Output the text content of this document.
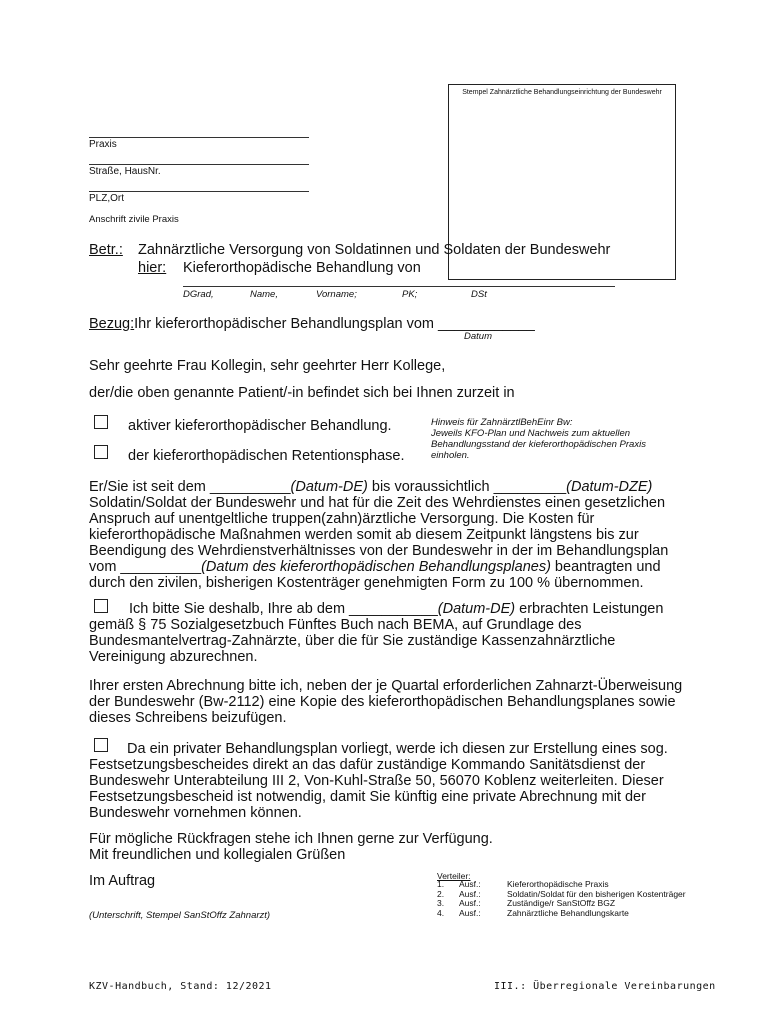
Stempel Zahnärztliche Behandlungseinrichtung der Bundeswehr
Praxis
Straße, HausNr.
PLZ,Ort
Anschrift zivile Praxis
Betr.: Zahnärztliche Versorgung von Soldatinnen und Soldaten der Bundeswehr
hier: Kieferorthopädische Behandlung von
DGrad,	Name,	Vorname;	PK;	DSt
Bezug:Ihr kieferorthopädischer Behandlungsplan vom ____________
Datum
Sehr geehrte Frau Kollegin, sehr geehrter Herr Kollege,
der/die oben genannte Patient/-in befindet sich bei Ihnen zurzeit in
aktiver kieferorthopädischer Behandlung.
der kieferorthopädischen Retentionsphase.
Hinweis für ZahnärztlBehEinr Bw:
Jeweils KFO-Plan und Nachweis zum aktuellen
Behandlungsstand der kieferorthopädischen Praxis
einholen.
Er/Sie ist seit dem __________(Datum-DE) bis voraussichtlich _________(Datum-DZE)
Soldatin/Soldat der Bundeswehr und hat für die Zeit des Wehrdienstes einen gesetzlichen
Anspruch auf unentgeltliche truppen(zahn)ärztliche Versorgung. Die Kosten für
kieferorthopädische Maßnahmen werden somit ab diesem Zeitpunkt längstens bis zur
Beendigung des Wehrdienstverhältnisses von der Bundeswehr in der im Behandlungsplan
vom __________(Datum des kieferorthopädischen Behandlungsplanes) beantragten und
durch den zivilen, bisherigen Kostenträger genehmigten Form zu 100 % übernommen.
Ich bitte Sie deshalb, Ihre ab dem ___________(Datum-DE) erbrachten Leistungen
gemäß § 75 Sozialgesetzbuch Fünftes Buch nach BEMA, auf Grundlage des
Bundesmantelvertrag-Zahnärzte, über die für Sie zuständige Kassenzahnärztliche
Vereinigung abzurechnen.
Ihrer ersten Abrechnung bitte ich, neben der je Quartal erforderlichen Zahnarzt-Überweisung
der Bundeswehr (Bw-2112) eine Kopie des kieferorthopädischen Behandlungsplanes sowie
dieses Schreibens beizufügen.
Da ein privater Behandlungsplan vorliegt, werde ich diesen zur Erstellung eines sog.
Festsetzungsbescheides direkt an das dafür zuständige Kommando Sanitätsdienst der
Bundeswehr Unterabteilung III 2, Von-Kuhl-Straße 50, 56070 Koblenz weiterleiten. Dieser
Festsetzungsbescheid ist notwendig, damit Sie künftig eine private Abrechnung mit der
Bundeswehr vornehmen können.
Für mögliche Rückfragen stehe ich Ihnen gerne zur Verfügung.
Mit freundlichen und kollegialen Grüßen
Im Auftrag
(Unterschrift, Stempel SanStOffz Zahnarzt)
Verteiler:
1.	Ausf.:	Kieferorthopädische Praxis
2.	Ausf.:	Soldatin/Soldat für den bisherigen Kostenträger
3.	Ausf.:	Zuständige/r SanStOffz BGZ
4.	Ausf.:	Zahnärztliche Behandlungskarte
KZV-Handbuch, Stand: 12/2021	III.: Überregionale Vereinbarungen
